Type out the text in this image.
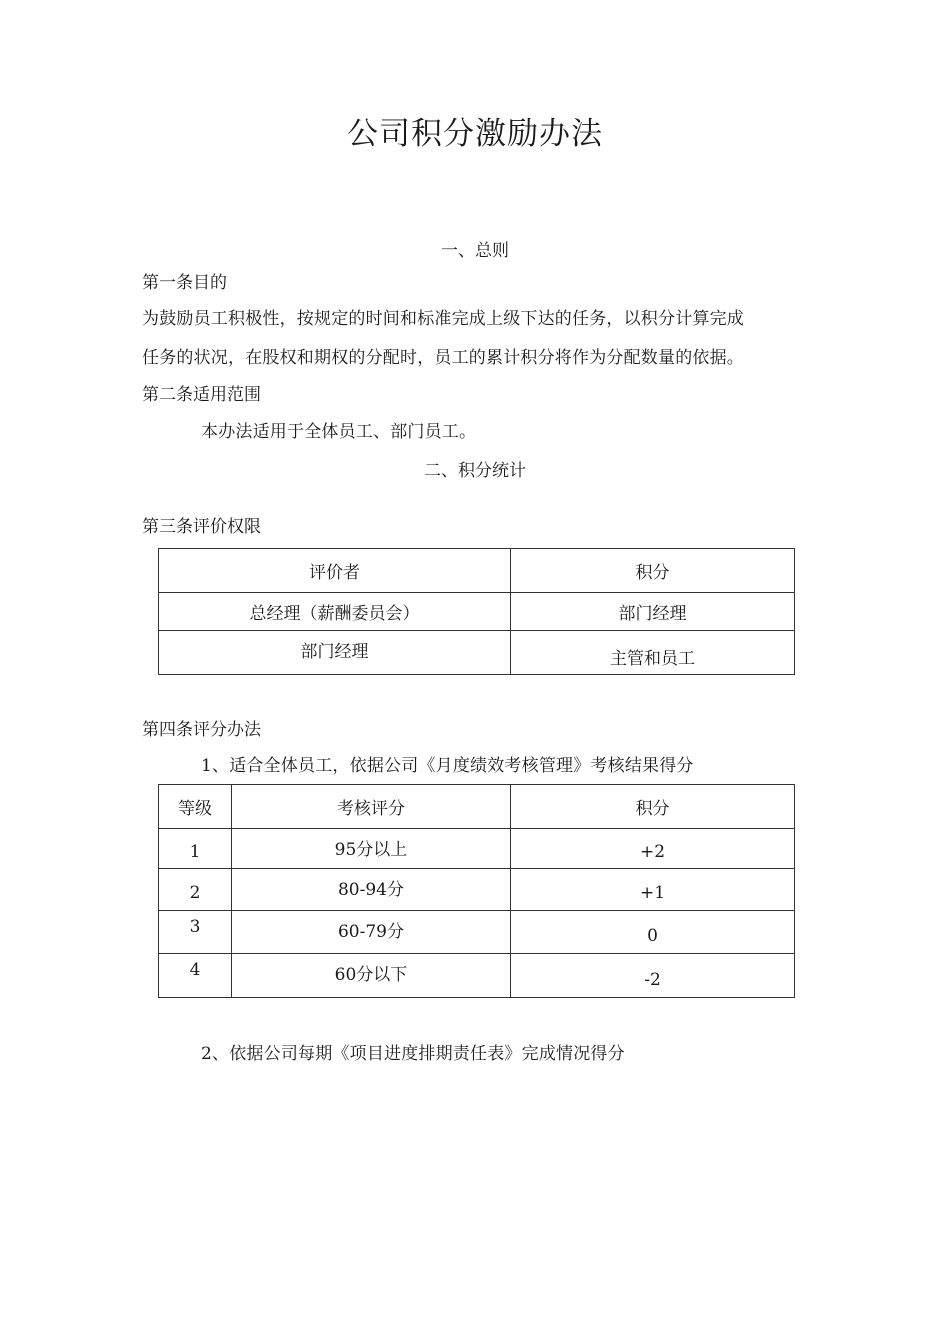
公司积分激励办法
一、总则
第一条目的
为鼓励员工积极性，按规定的时间和标准完成上级下达的任务，以积分计算完成
任务的状况，在股权和期权的分配时，员工的累计积分将作为分配数量的依据。
第二条适用范围
本办法适用于全体员工、部门员工。
二、积分统计
第三条评价权限
评价者	积分
总经理（薪酬委员会）	部门经理
部门经理	主管和员工
第四条评分办法
1、适合全体员工，依据公司《月度绩效考核管理》考核结果得分
等级	考核评分	积分
1	95分以上	+2
2	80-94分	+1
3	60-79分	0
4	60分以下	-2
2、依据公司每期《项目进度排期责任表》完成情况得分
